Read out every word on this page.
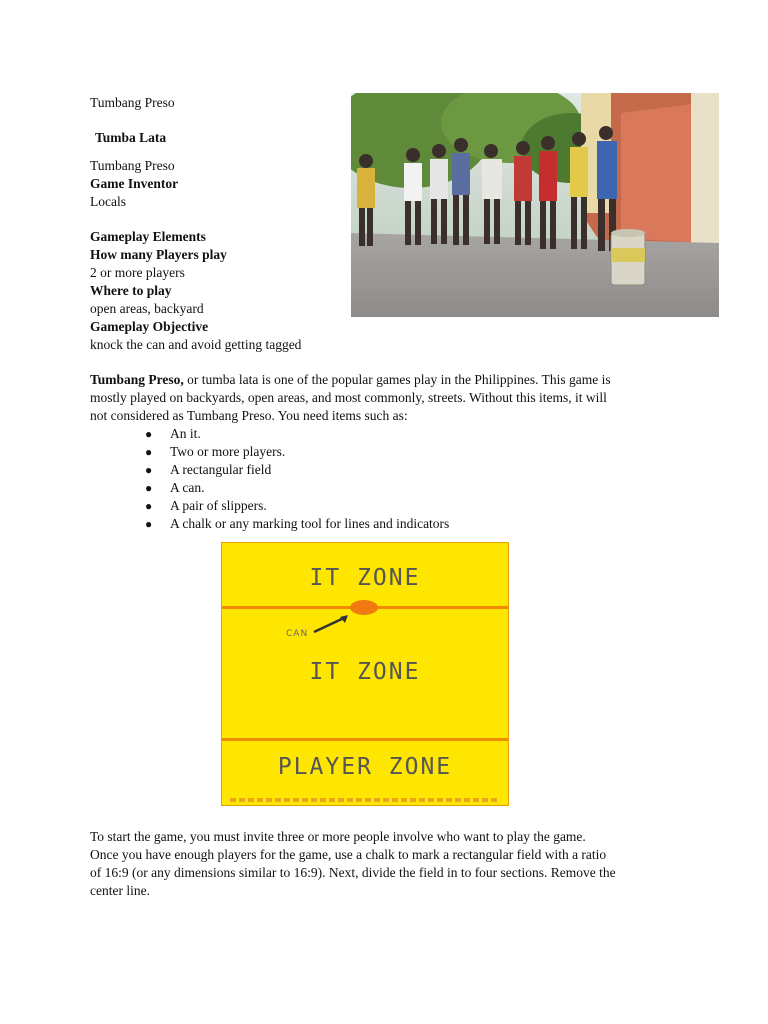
Tumbang Preso
Tumba Lata
Tumbang Preso
Game Inventor
Locals
Gameplay Elements
How many Players play
2 or more players
Where to play
open areas, backyard
Gameplay Objective
knock the can and avoid getting tagged
Tumbang Preso, or tumba lata is one of the popular games play in the Philippines. This game is
mostly played on backyards, open areas, and most commonly, streets. Without this items, it will
not considered as Tumbang Preso. You need items such as:
●	An it.
●	Two or more players.
●	A rectangular field
●	A can.
●	A pair of slippers.
●	A chalk or any marking tool for lines and indicators
IT ZONE
CAN
IT ZONE
PLAYER ZONE
To start the game, you must invite three or more people involve who want to play the game.
Once you have enough players for the game, use a chalk to mark a rectangular field with a ratio
of 16:9 (or any dimensions similar to 16:9). Next, divide the field in to four sections. Remove the
center line.
